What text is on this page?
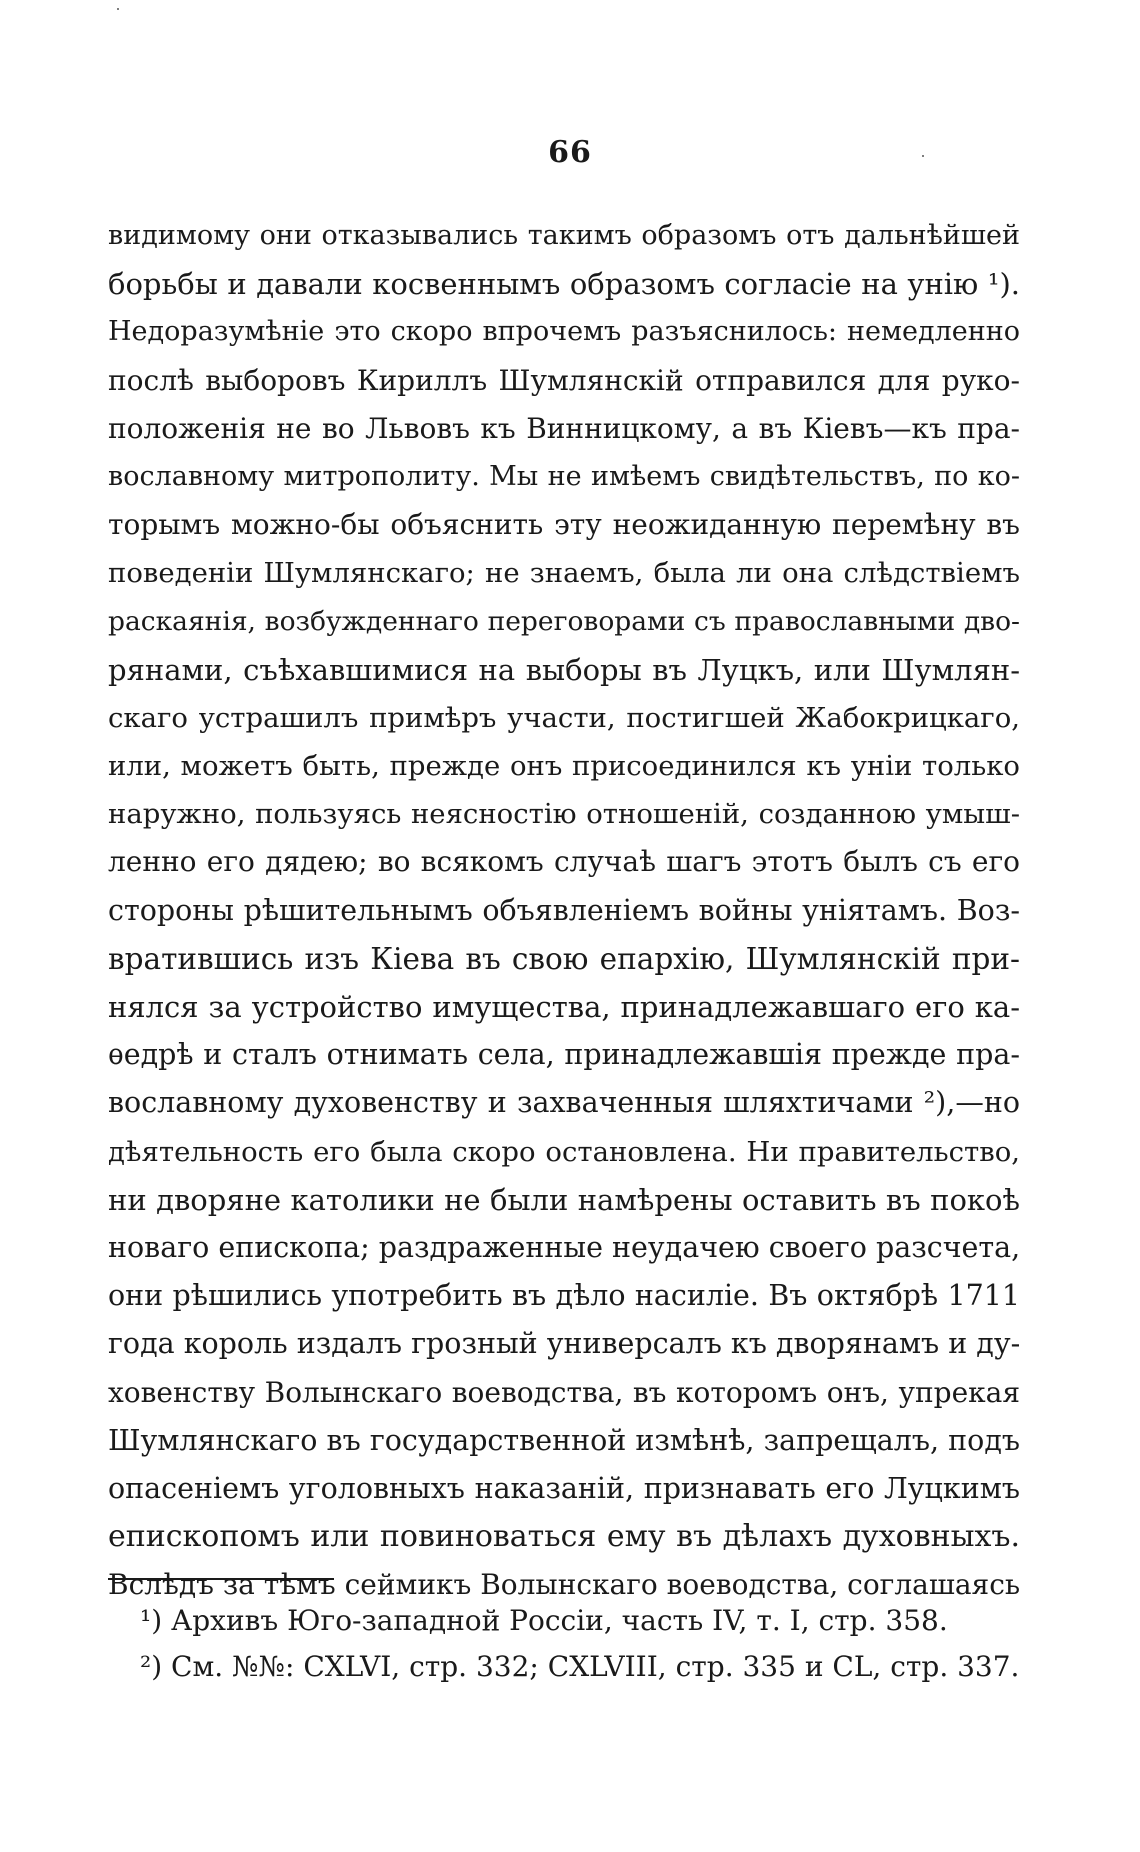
66
видимому они отказывались такимъ образомъ отъ дальнѣйшей
борьбы и давали косвеннымъ образомъ согласіе на унію ¹).
Недоразумѣніе это скоро впрочемъ разъяснилось: немедленно
послѣ выборовъ Кириллъ Шумлянскій отправился для руко-
положенія не во Львовъ къ Винницкому, а въ Кіевъ—къ пра-
вославному митрополиту. Мы не имѣемъ свидѣтельствъ, по ко-
торымъ можно-бы объяснить эту неожиданную перемѣну въ
поведеніи Шумлянскаго; не знаемъ, была ли она слѣдствіемъ
раскаянія, возбужденнаго переговорами съ православными дво-
рянами, съѣхавшимися на выборы въ Луцкъ, или Шумлян-
скаго устрашилъ примѣръ участи, постигшей Жабокрицкаго,
или, можетъ быть, прежде онъ присоединился къ уніи только
наружно, пользуясь неясностію отношеній, созданною умыш-
ленно его дядею; во всякомъ случаѣ шагъ этотъ былъ съ его
стороны рѣшительнымъ объявленіемъ войны уніятамъ. Воз-
вратившись изъ Кіева въ свою епархію, Шумлянскій при-
нялся за устройство имущества, принадлежавшаго его ка-
ѳедрѣ и сталъ отнимать села, принадлежавшія прежде пра-
вославному духовенству и захваченныя шляхтичами ²),—но
дѣятельность его была скоро остановлена. Ни правительство,
ни дворяне католики не были намѣрены оставить въ покоѣ
новаго епископа; раздраженные неудачею своего разсчета,
они рѣшились употребить въ дѣло насиліе. Въ октябрѣ 1711
года король издалъ грозный универсалъ къ дворянамъ и ду-
ховенству Волынскаго воеводства, въ которомъ онъ, упрекая
Шумлянскаго въ государственной измѣнѣ, запрещалъ, подъ
опасеніемъ уголовныхъ наказаній, признавать его Луцкимъ
епископомъ или повиноваться ему въ дѣлахъ духовныхъ.
Вслѣдъ за тѣмъ сеймикъ Волынскаго воеводства, соглашаясь
¹) Архивъ Юго-западной Россіи, часть IV, т. I, стр. 358.
²) См. №№: CXLVI, стр. 332; CXLVIII, стр. 335 и CL, стр. 337.
